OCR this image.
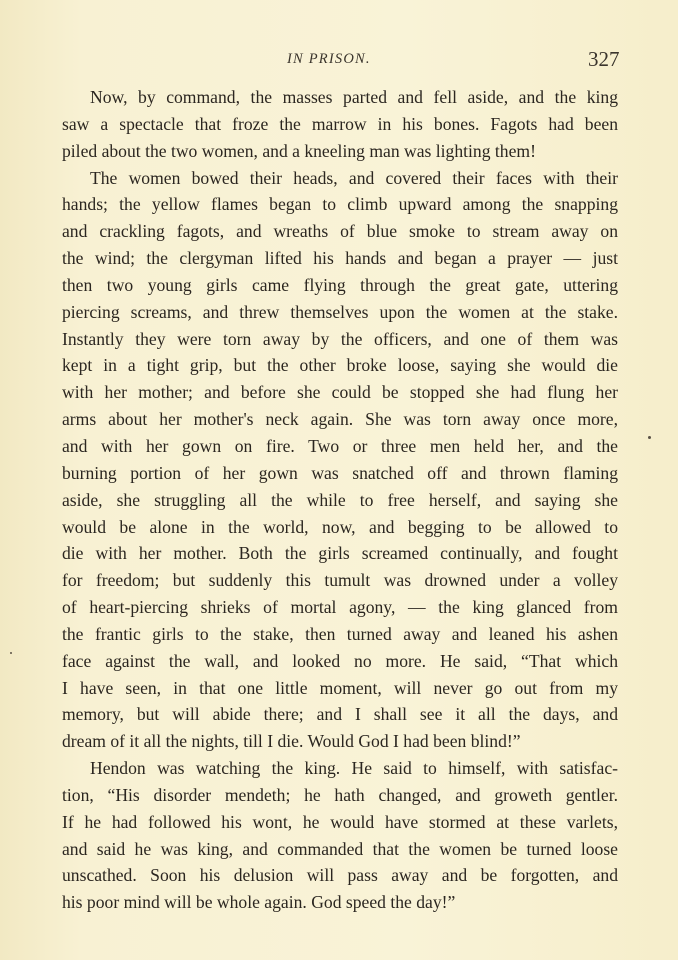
IN PRISON.	327
Now, by command, the masses parted and fell aside, and the king
saw a spectacle that froze the marrow in his bones. Fagots had been
piled about the two women, and a kneeling man was lighting them!
The women bowed their heads, and covered their faces with their
hands; the yellow flames began to climb upward among the snapping
and crackling fagots, and wreaths of blue smoke to stream away on
the wind; the clergyman lifted his hands and began a prayer — just
then two young girls came flying through the great gate, uttering
piercing screams, and threw themselves upon the women at the stake.
Instantly they were torn away by the officers, and one of them was
kept in a tight grip, but the other broke loose, saying she would die
with her mother; and before she could be stopped she had flung her
arms about her mother's neck again. She was torn away once more,
and with her gown on fire. Two or three men held her, and the
burning portion of her gown was snatched off and thrown flaming
aside, she struggling all the while to free herself, and saying she
would be alone in the world, now, and begging to be allowed to
die with her mother. Both the girls screamed continually, and fought
for freedom; but suddenly this tumult was drowned under a volley
of heart-piercing shrieks of mortal agony, — the king glanced from
the frantic girls to the stake, then turned away and leaned his ashen
face against the wall, and looked no more. He said, “That which
I have seen, in that one little moment, will never go out from my
memory, but will abide there; and I shall see it all the days, and
dream of it all the nights, till I die. Would God I had been blind!”
Hendon was watching the king. He said to himself, with satisfac-
tion, “His disorder mendeth; he hath changed, and groweth gentler.
If he had followed his wont, he would have stormed at these varlets,
and said he was king, and commanded that the women be turned loose
unscathed. Soon his delusion will pass away and be forgotten, and
his poor mind will be whole again. God speed the day!”
